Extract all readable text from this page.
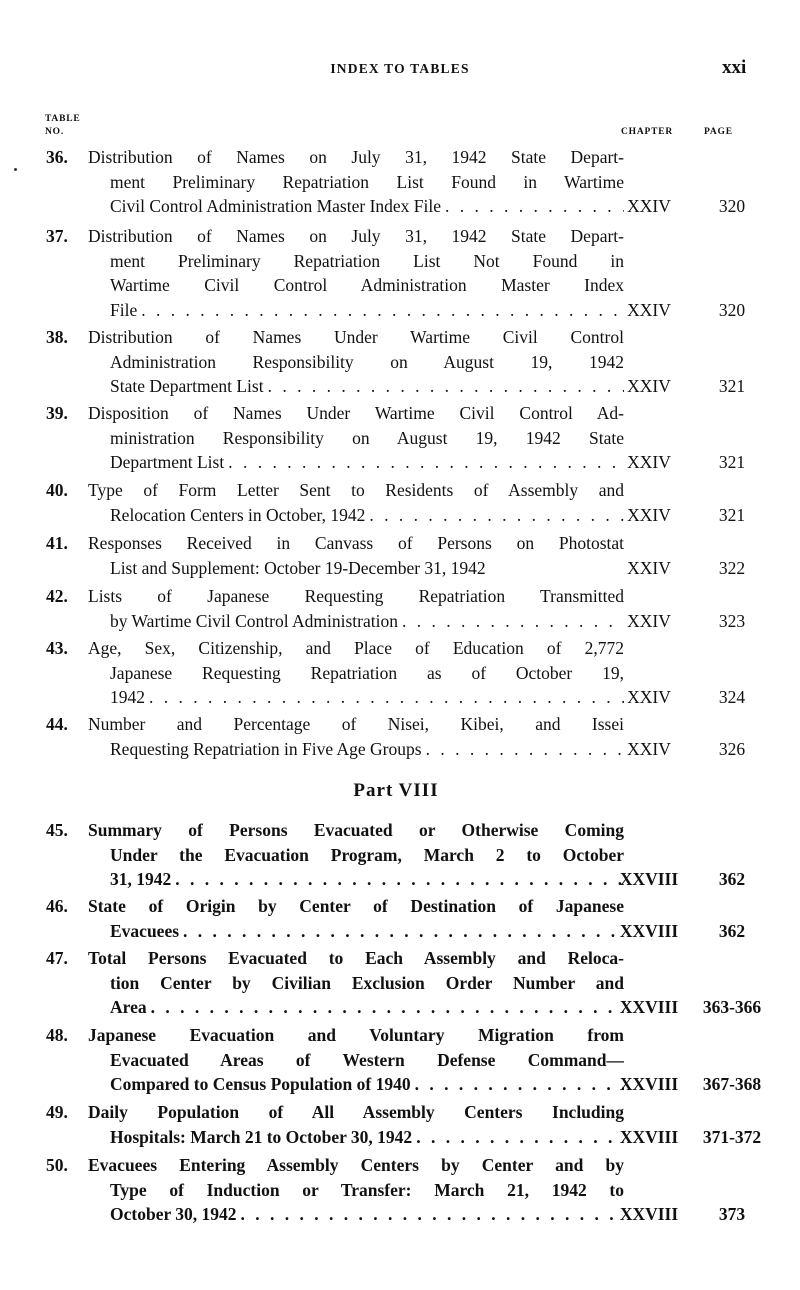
INDEX TO TABLES	xxi
TABLE
NO.	CHAPTER	PAGE
36.	Distribution of Names on July 31, 1942 State Depart-
ment Preliminary Repatriation List Found in Wartime
Civil Control Administration Master Index File . . .	XXIV	320
37.	Distribution of Names on July 31, 1942 State Depart-
ment Preliminary Repatriation List Not Found in
Wartime Civil Control Administration Master Index
File . . .	XXIV	320
38.	Distribution of Names Under Wartime Civil Control
Administration Responsibility on August 19, 1942
State Department List . . .	XXIV	321
39.	Disposition of Names Under Wartime Civil Control Ad-
ministration Responsibility on August 19, 1942 State
Department List . . .	XXIV	321
40.	Type of Form Letter Sent to Residents of Assembly and
Relocation Centers in October, 1942 . . .	XXIV	321
41.	Responses Received in Canvass of Persons on Photostat
List and Supplement: October 19-December 31, 1942	XXIV	322
42.	Lists of Japanese Requesting Repatriation Transmitted
by Wartime Civil Control Administration . . .	XXIV	323
43.	Age, Sex, Citizenship, and Place of Education of 2,772
Japanese Requesting Repatriation as of October 19,
1942 . . .	XXIV	324
44.	Number and Percentage of Nisei, Kibei, and Issei
Requesting Repatriation in Five Age Groups . . .	XXIV	326
Part VIII
45.	Summary of Persons Evacuated or Otherwise Coming
Under the Evacuation Program, March 2 to October
31, 1942 . . .	XXVIII	362
46.	State of Origin by Center of Destination of Japanese
Evacuees . . .	XXVIII	362
47.	Total Persons Evacuated to Each Assembly and Reloca-
tion Center by Civilian Exclusion Order Number and
Area . . .	XXVIII	363-366
48.	Japanese Evacuation and Voluntary Migration from
Evacuated Areas of Western Defense Command—
Compared to Census Population of 1940 . . .	XXVIII	367-368
49.	Daily Population of All Assembly Centers Including
Hospitals: March 21 to October 30, 1942 . . .	XXVIII	371-372
50.	Evacuees Entering Assembly Centers by Center and by
Type of Induction or Transfer: March 21, 1942 to
October 30, 1942 . . .	XXVIII	373
